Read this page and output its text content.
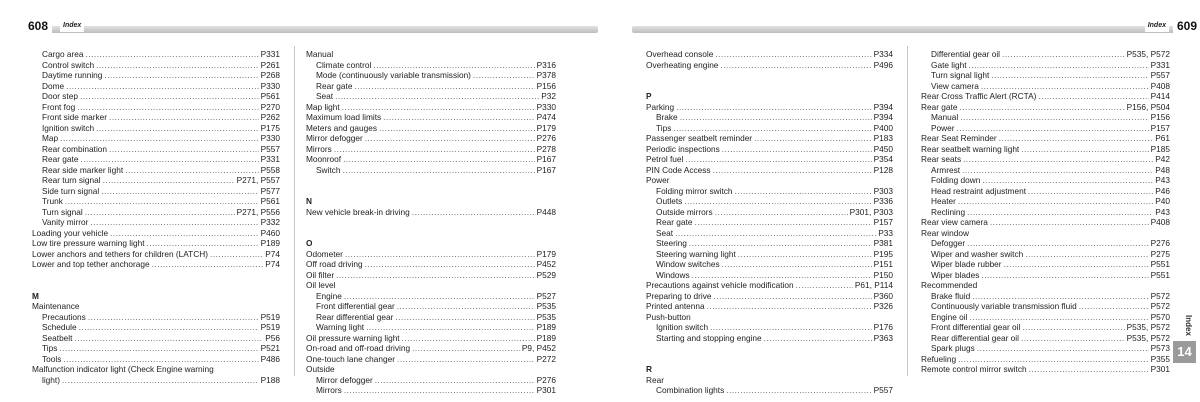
608	Index	Index 609
Cargo area .....	P331
Control switch .....	P261
Daytime running .....	P268
Dome .....	P330
Door step .....	P561
Front fog .....	P270
Front side marker .....	P262
Ignition switch .....	P175
Map .....	P330
Rear combination .....	P557
Rear gate .....	P331
Rear side marker light .....	P558
Rear turn signal .....	P271, P557
Side turn signal .....	P577
Trunk .....	P561
Turn signal .....	P271, P556
Vanity mirror .....	P332
Loading your vehicle .....	P460
Low tire pressure warning light .....	P189
Lower anchors and tethers for children (LATCH) .....	P74
Lower and top tether anchorage .....	P74
M
Maintenance
Precautions .....	P519
Schedule .....	P519
Seatbelt .....	P56
Tips .....	P521
Tools .....	P486
Malfunction indicator light (Check Engine warning
light) .....	P188
Manual
Climate control .....	P316
Mode (continuously variable transmission) .....	P378
Rear gate .....	P156
Seat .....	P32
Map light .....	P330
Maximum load limits .....	P474
Meters and gauges .....	P179
Mirror defogger .....	P276
Mirrors .....	P278
Moonroof .....	P167
Switch .....	P167
N
New vehicle break-in driving .....	P448
O
Odometer .....	P179
Off road driving .....	P452
Oil filter .....	P529
Oil level
Engine .....	P527
Front differential gear .....	P535
Rear differential gear .....	P535
Warning light .....	P189
Oil pressure warning light .....	P189
On-road and off-road driving .....	P9, P452
One-touch lane changer .....	P272
Outside
Mirror defogger .....	P276
Mirrors .....	P301
Overhead console .....	P334
Overheating engine .....	P496
P
Parking .....	P394
Brake .....	P394
Tips .....	P400
Passenger seatbelt reminder .....	P183
Periodic inspections .....	P450
Petrol fuel .....	P354
PIN Code Access .....	P128
Power
Folding mirror switch .....	P303
Outlets .....	P336
Outside mirrors .....	P301, P303
Rear gate .....	P157
Seat .....	P33
Steering .....	P381
Steering warning light .....	P195
Window switches .....	P151
Windows .....	P150
Precautions against vehicle modification .....	P61, P114
Preparing to drive .....	P360
Printed antenna .....	P326
Push-button
Ignition switch .....	P176
Starting and stopping engine .....	P363
R
Rear
Combination lights .....	P557
Differential gear oil .....	P535, P572
Gate light .....	P331
Turn signal light .....	P557
View camera .....	P408
Rear Cross Traffic Alert (RCTA) .....	P414
Rear gate .....	P156, P504
Manual .....	P156
Power .....	P157
Rear Seat Reminder .....	P61
Rear seatbelt warning light .....	P185
Rear seats .....	P42
Armrest .....	P48
Folding down .....	P43
Head restraint adjustment .....	P46
Heater .....	P40
Reclining .....	P43
Rear view camera .....	P408
Rear window
Defogger .....	P276
Wiper and washer switch .....	P275
Wiper blade rubber .....	P551
Wiper blades .....	P551
Recommended
Brake fluid .....	P572
Continuously variable transmission fluid .....	P572
Engine oil .....	P570
Front differential gear oil .....	P535, P572
Rear differential gear oil .....	P535, P572
Spark plugs .....	P573
Refueling .....	P355
Remote control mirror switch .....	P301
Index
14
